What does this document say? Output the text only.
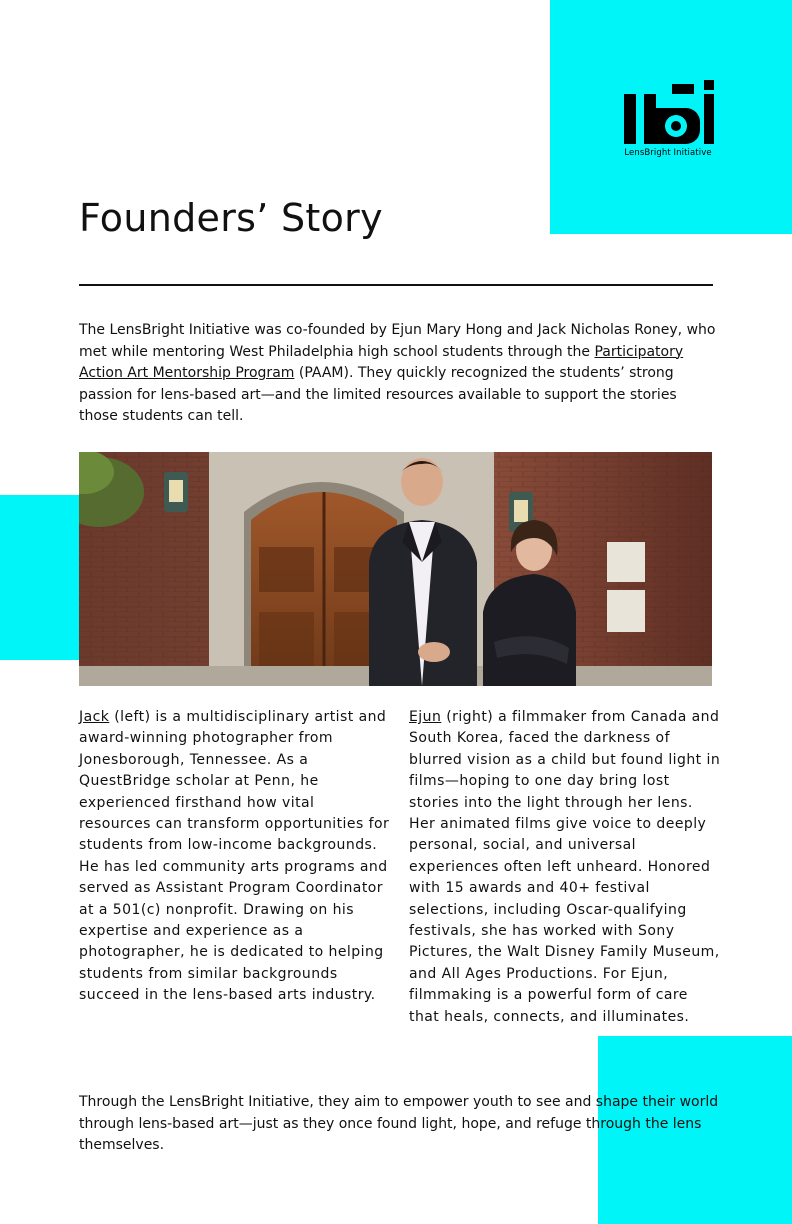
LensBright Initiative
Founders’ Story

The LensBright Initiative was co-founded by Ejun Mary Hong and Jack Nicholas Roney, who met while mentoring West Philadelphia high school students through the Participatory Action Art Mentorship Program (PAAM). They quickly recognized the students’ strong passion for lens-based art—and the limited resources available to support the stories those students can tell.

Jack (left) is a multidisciplinary artist and award-winning photographer from Jonesborough, Tennessee. As a QuestBridge scholar at Penn, he experienced firsthand how vital resources can transform opportunities for students from low-income backgrounds. He has led community arts programs and served as Assistant Program Coordinator at a 501(c) nonprofit. Drawing on his expertise and experience as a photographer, he is dedicated to helping students from similar backgrounds succeed in the lens-based arts industry.

Ejun (right) a filmmaker from Canada and South Korea, faced the darkness of blurred vision as a child but found light in films—hoping to one day bring lost stories into the light through her lens. Her animated films give voice to deeply personal, social, and universal experiences often left unheard. Honored with 15 awards and 40+ festival selections, including Oscar-qualifying festivals, she has worked with Sony Pictures, the Walt Disney Family Museum, and All Ages Productions. For Ejun, filmmaking is a powerful form of care that heals, connects, and illuminates.

Through the LensBright Initiative, they aim to empower youth to see and shape their world through lens-based art—just as they once found light, hope, and refuge through the lens themselves.
